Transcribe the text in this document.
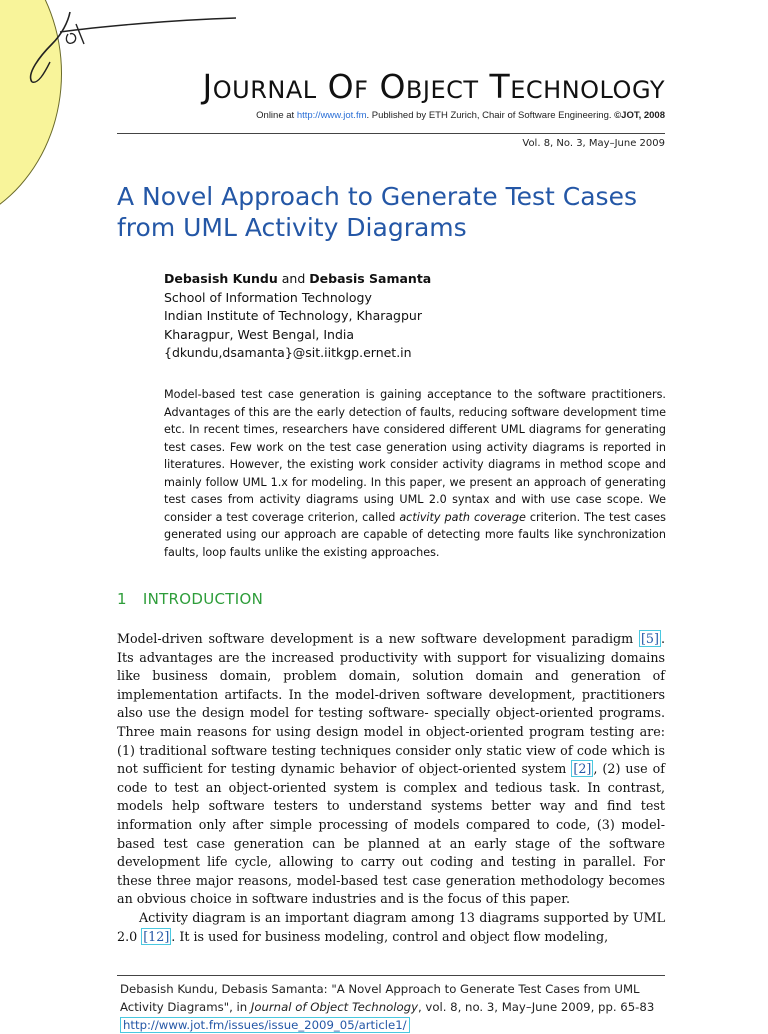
JOURNAL OF OBJECT TECHNOLOGY
Online at http://www.jot.fm. Published by ETH Zurich, Chair of Software Engineering. ©JOT, 2008
Vol. 8, No. 3, May–June 2009
A Novel Approach to Generate Test Cases
from UML Activity Diagrams
Debasish Kundu and Debasis Samanta
School of Information Technology
Indian Institute of Technology, Kharagpur
Kharagpur, West Bengal, India
{dkundu,dsamanta}@sit.iitkgp.ernet.in
Model-based test case generation is gaining acceptance to the software practitioners. Advantages of this are the early detection of faults, reducing software development time etc. In recent times, researchers have considered different UML diagrams for generating test cases. Few work on the test case generation using activity diagrams is reported in literatures. However, the existing work consider activity diagrams in method scope and mainly follow UML 1.x for modeling. In this paper, we present an approach of generating test cases from activity diagrams using UML 2.0 syntax and with use case scope. We consider a test coverage criterion, called activity path coverage criterion. The test cases generated using our approach are capable of detecting more faults like synchronization faults, loop faults unlike the existing approaches.
1 INTRODUCTION

Model-driven software development is a new software development paradigm [5] . Its advantages are the increased productivity with support for visualizing domains like business domain, problem domain, solution domain and generation of implementation artifacts. In the model-driven software development, practitioners also use the design model for testing software- specially object-oriented programs. Three main reasons for using design model in object-oriented program testing are: (1) traditional software testing techniques consider only static view of code which is not sufficient for testing dynamic behavior of object-oriented system [2] , (2) use of code to test an object-oriented system is complex and tedious task. In contrast, models help software testers to understand systems better way and find test information only after simple processing of models compared to code, (3) model-based test case generation can be planned at an early stage of the software development life cycle, allowing to carry out coding and testing in parallel. For these three major reasons, model-based test case generation methodology becomes an obvious choice in software industries and is the focus of this paper.

Activity diagram is an important diagram among 13 diagrams supported by UML 2.0 [12] . It is used for business modeling, control and object flow modeling,

Debasish Kundu, Debasis Samanta: "A Novel Approach to Generate Test Cases from UML Activity Diagrams", in Journal of Object Technology, vol. 8, no. 3, May–June 2009, pp. 65-83 http://www.jot.fm/issues/issue_2009_05/article1/
